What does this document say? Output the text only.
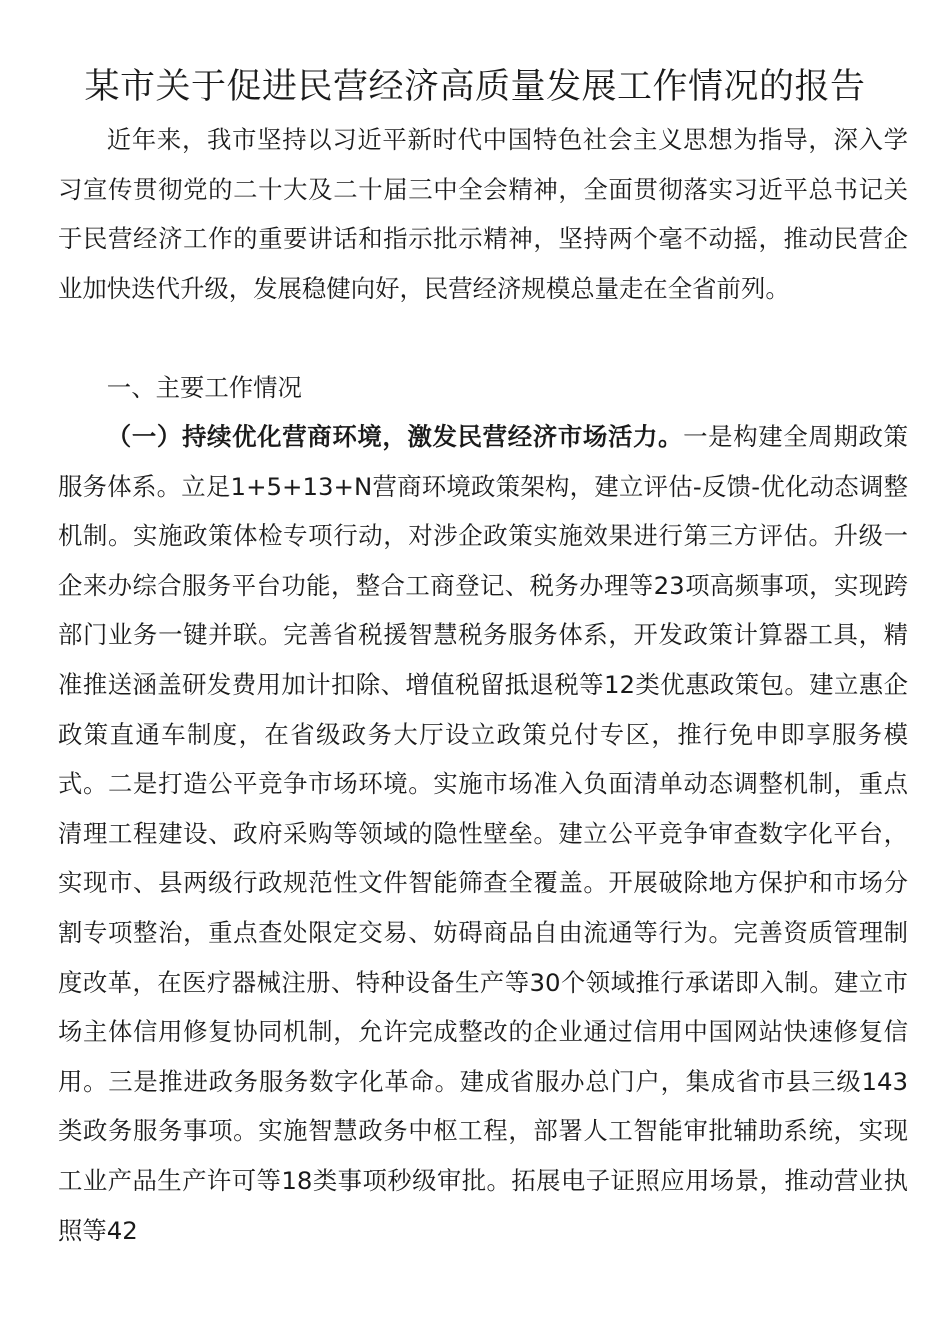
某市关于促进民营经济高质量发展工作情况的报告

近年来，我市坚持以习近平新时代中国特色社会主义思想为指导，深入学习宣传贯彻党的二十大及二十届三中全会精神，全面贯彻落实习近平总书记关于民营经济工作的重要讲话和指示批示精神，坚持两个毫不动摇，推动民营企业加快迭代升级，发展稳健向好，民营经济规模总量走在全省前列。

一、主要工作情况

（一）持续优化营商环境，激发民营经济市场活力。一是构建全周期政策服务体系。立足1+5+13+N营商环境政策架构，建立评估-反馈-优化动态调整机制。实施政策体检专项行动，对涉企政策实施效果进行第三方评估。升级一企来办综合服务平台功能，整合工商登记、税务办理等23项高频事项，实现跨部门业务一键并联。完善省税援智慧税务服务体系，开发政策计算器工具，精准推送涵盖研发费用加计扣除、增值税留抵退税等12类优惠政策包。建立惠企政策直通车制度，在省级政务大厅设立政策兑付专区，推行免申即享服务模式。二是打造公平竞争市场环境。实施市场准入负面清单动态调整机制，重点清理工程建设、政府采购等领域的隐性壁垒。建立公平竞争审查数字化平台，实现市、县两级行政规范性文件智能筛查全覆盖。开展破除地方保护和市场分割专项整治，重点查处限定交易、妨碍商品自由流通等行为。完善资质管理制度改革，在医疗器械注册、特种设备生产等30个领域推行承诺即入制。建立市场主体信用修复协同机制，允许完成整改的企业通过信用中国网站快速修复信用。三是推进政务服务数字化革命。建成省服办总门户，集成省市县三级143类政务服务事项。实施智慧政务中枢工程，部署人工智能审批辅助系统，实现工业产品生产许可等18类事项秒级审批。拓展电子证照应用场景，推动营业执照等42
